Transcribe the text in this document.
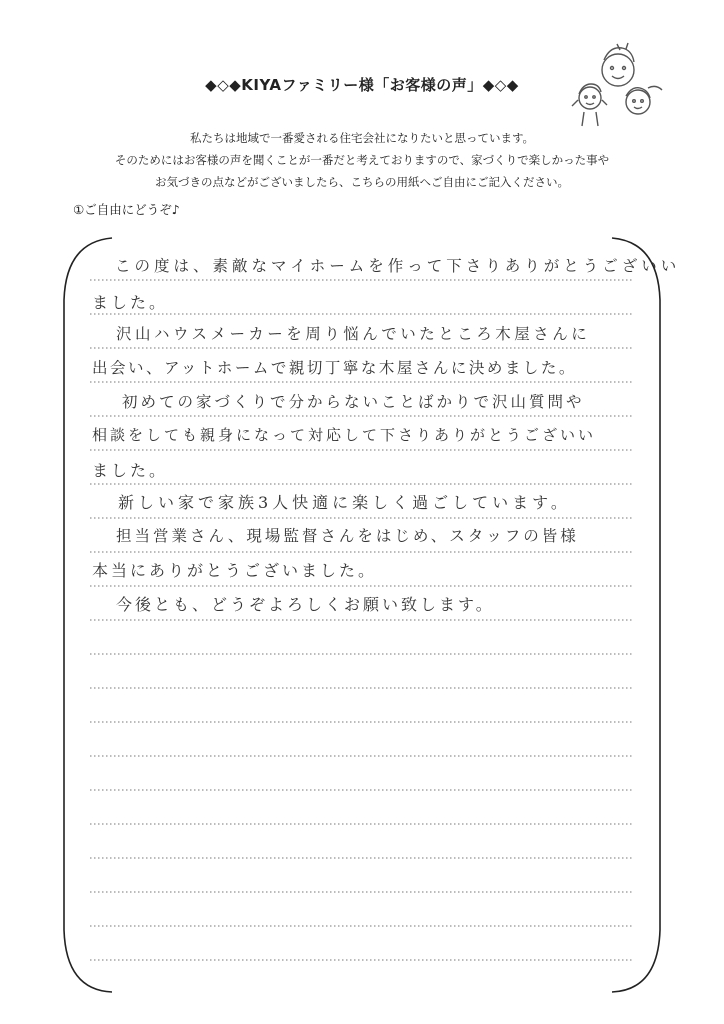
◆◇◆KIYAファミリー様「お客様の声」◆◇◆
私たちは地域で一番愛される住宅会社になりたいと思っています。
そのためにはお客様の声を聞くことが一番だと考えておりますので、家づくりで楽しかった事や
お気づきの点などがございましたら、こちらの用紙へご自由にご記入ください。
①ご自由にどうぞ♪
この度は、素敵なマイホームを作って下さりありがとうございい
ました。
沢山ハウスメーカーを周り悩んでいたところ木屋さんに
出会い、アットホームで親切丁寧な木屋さんに決めました。
初めての家づくりで分からないことばかりで沢山質問や
相談をしても親身になって対応して下さりありがとうございい
ました。
新しい家で家族3人快適に楽しく過ごしています。
担当営業さん、現場監督さんをはじめ、スタッフの皆様
本当にありがとうございました。
今後とも、どうぞよろしくお願い致します。
